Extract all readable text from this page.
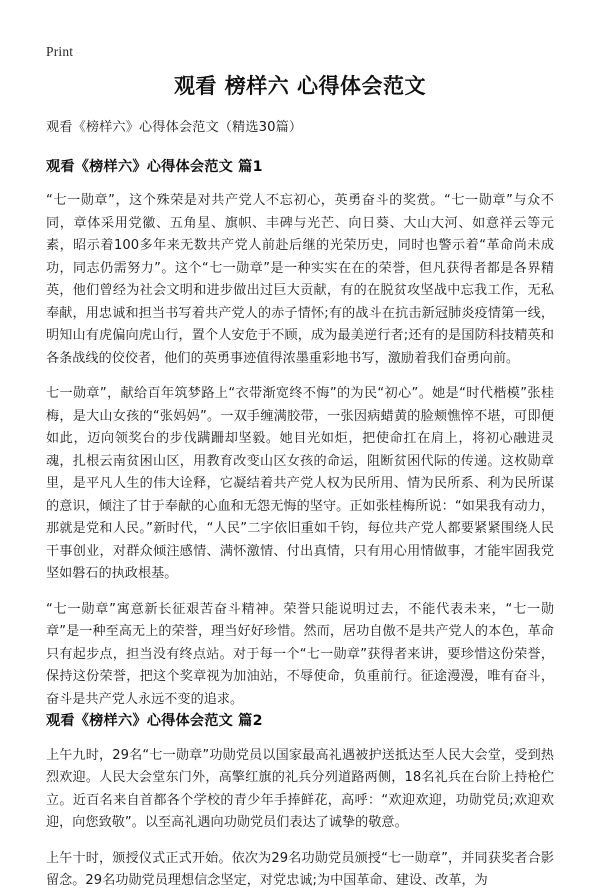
Print
观看 榜样六 心得体会范文

观看《榜样六》心得体会范文（精选30篇）

观看《榜样六》心得体会范文 篇1

“七一勋章”，这个殊荣是对共产党人不忘初心，英勇奋斗的奖赏。“七一勋章”与众不同，章体采用党徽、五角星、旗帜、丰碑与光芒、向日葵、大山大河、如意祥云等元素，昭示着100多年来无数共产党人前赴后继的光荣历史，同时也警示着“革命尚未成功，同志仍需努力”。这个“七一勋章”是一种实实在在的荣誉，但凡获得者都是各界精英，他们曾经为社会文明和进步做出过巨大贡献，有的在脱贫攻坚战中忘我工作，无私奉献，用忠诚和担当书写着共产党人的赤子情怀;有的战斗在抗击新冠肺炎疫情第一线，明知山有虎偏向虎山行，置个人安危于不顾，成为最美逆行者;还有的是国防科技精英和各条战线的佼佼者，他们的英勇事迹值得浓墨重彩地书写，激励着我们奋勇向前。

七一勋章”，献给百年筑梦路上“衣带渐宽终不悔”的为民“初心”。她是“时代楷模”张桂梅，是大山女孩的“张妈妈”。一双手缠满胶带，一张因病蜡黄的脸颊憔悴不堪，可即便如此，迈向领奖台的步伐蹒跚却坚毅。她目光如炬，把使命扛在肩上，将初心融进灵魂，扎根云南贫困山区，用教育改变山区女孩的命运，阻断贫困代际的传递。这枚勋章里，是平凡人生的伟大诠释，它凝结着共产党人权为民所用、情为民所系、利为民所谋的意识，倾注了甘于奉献的心血和无怨无悔的坚守。正如张桂梅所说：“如果我有动力，那就是党和人民。”新时代，“人民”二字依旧重如千钧，每位共产党人都要紧紧围绕人民干事创业，对群众倾注感情、满怀激情、付出真情，只有用心用情做事，才能牢固我党坚如磐石的执政根基。

“七一勋章”寓意新长征艰苦奋斗精神。荣誉只能说明过去，不能代表未来，“七一勋章”是一种至高无上的荣誉，理当好好珍惜。然而，居功自傲不是共产党人的本色，革命只有起步点，担当没有终点站。对于每一个“七一勋章”获得者来讲，要珍惜这份荣誉，保持这份荣誉，把这个奖章视为加油站，不辱使命，负重前行。征途漫漫，唯有奋斗，奋斗是共产党人永远不变的追求。

观看《榜样六》心得体会范文 篇2

上午九时，29名“七一勋章”功勋党员以国家最高礼遇被护送抵达至人民大会堂，受到热烈欢迎。人民大会堂东门外，高擎红旗的礼兵分列道路两侧，18名礼兵在台阶上持枪伫立。近百名来自首都各个学校的青少年手捧鲜花，高呼：“欢迎欢迎，功勋党员;欢迎欢迎，向您致敬”。以至高礼遇向功勋党员们表达了诚挚的敬意。

上午十时，颁授仪式正式开始。依次为29名功勋党员颁授“七一勋章”，并同获奖者合影留念。29名功勋党员理想信念坚定，对党忠诚;为中国革命、建设、改革，为
